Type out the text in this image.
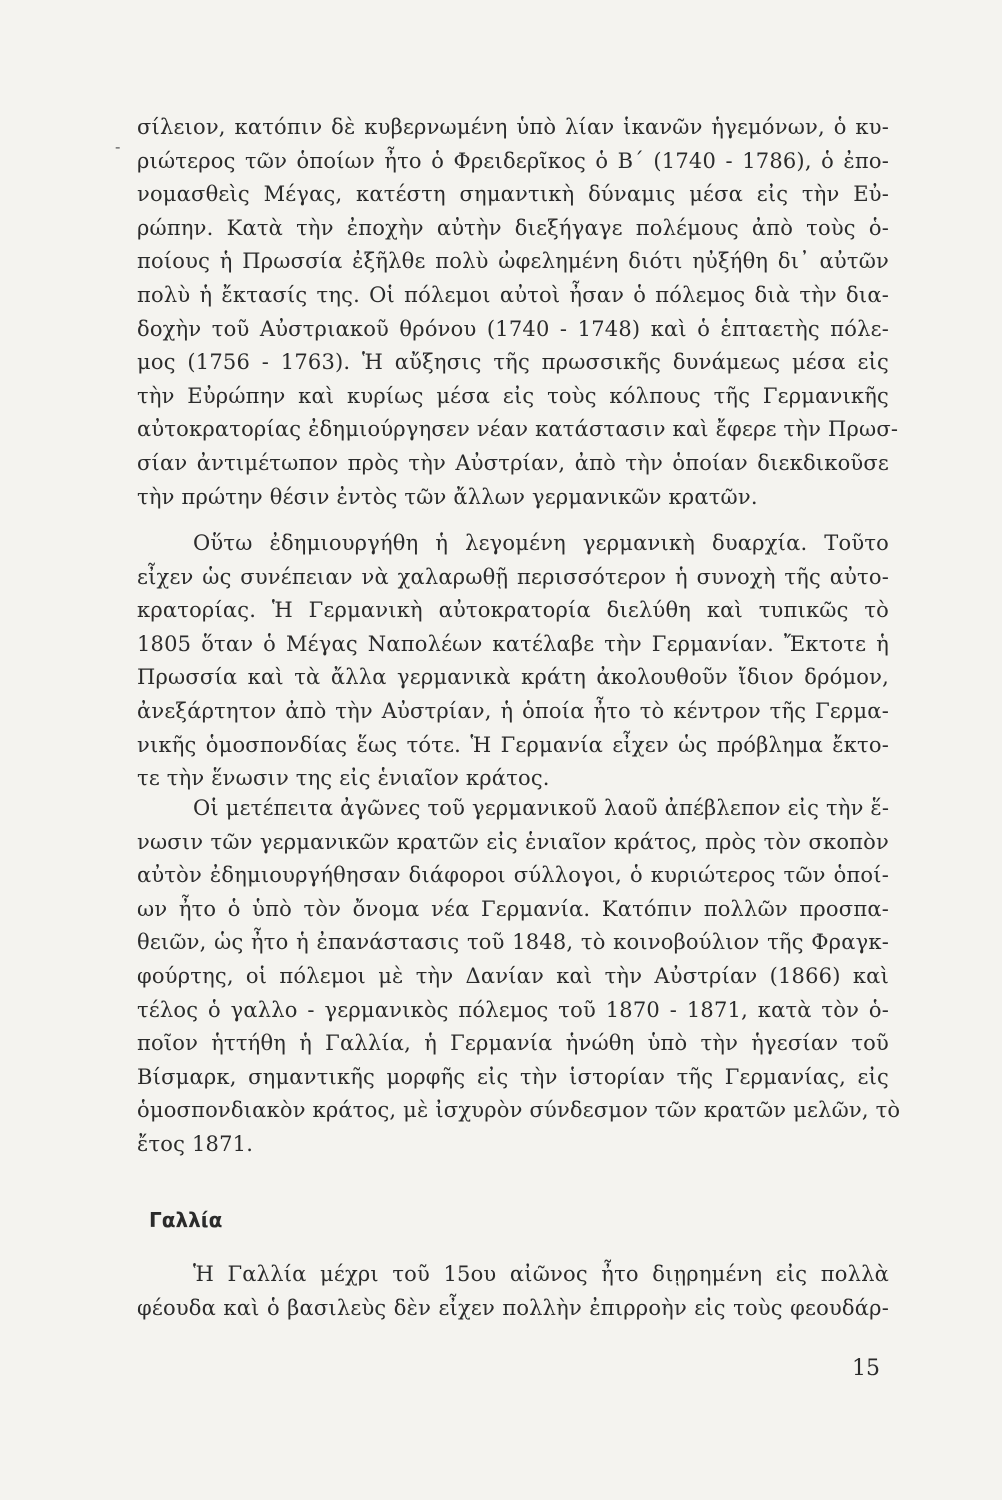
-
σίλειον, κατόπιν δὲ κυβερνωμένη ὑπὸ λίαν ἱκανῶν ἡγεμόνων, ὁ κυ-
ριώτερος τῶν ὁποίων ἦτο ὁ Φρειδερῖκος ὁ Β΄ (1740 - 1786), ὁ ἐπο-
νομασθεὶς Μέγας, κατέστη σημαντικὴ δύναμις μέσα εἰς τὴν Εὐ-
ρώπην. Κατὰ τὴν ἐποχὴν αὐτὴν διεξήγαγε πολέμους ἀπὸ τοὺς ὁ-
ποίους ἡ Πρωσσία ἐξῆλθε πολὺ ὠφελημένη διότι ηὐξήθη δι᾽ αὐτῶν
πολὺ ἡ ἔκτασίς της. Οἱ πόλεμοι αὐτοὶ ἦσαν ὁ πόλεμος διὰ τὴν δια-
δοχὴν τοῦ Αὐστριακοῦ θρόνου (1740 - 1748) καὶ ὁ ἑπταετὴς πόλε-
μος (1756 - 1763). Ἡ αὔξησις τῆς πρωσσικῆς δυνάμεως μέσα εἰς
τὴν Εὐρώπην καὶ κυρίως μέσα εἰς τοὺς κόλπους τῆς Γερμανικῆς
αὐτοκρατορίας ἐδημιούργησεν νέαν κατάστασιν καὶ ἔφερε τὴν Πρωσ-
σίαν ἀντιμέτωπον πρὸς τὴν Αὐστρίαν, ἀπὸ τὴν ὁποίαν διεκδικοῦσε
τὴν πρώτην θέσιν ἐντὸς τῶν ἄλλων γερμανικῶν κρατῶν.
Οὕτω ἐδημιουργήθη ἡ λεγομένη γερμανικὴ δυαρχία. Τοῦτο
εἶχεν ὡς συνέπειαν νὰ χαλαρωθῇ περισσότερον ἡ συνοχὴ τῆς αὐτο-
κρατορίας. Ἡ Γερμανικὴ αὐτοκρατορία διελύθη καὶ τυπικῶς τὸ
1805 ὅταν ὁ Μέγας Ναπολέων κατέλαβε τὴν Γερμανίαν. Ἔκτοτε ἡ
Πρωσσία καὶ τὰ ἄλλα γερμανικὰ κράτη ἀκολουθοῦν ἴδιον δρόμον,
ἀνεξάρτητον ἀπὸ τὴν Αὐστρίαν, ἡ ὁποία ἦτο τὸ κέντρον τῆς Γερμα-
νικῆς ὁμοσπονδίας ἕως τότε. Ἡ Γερμανία εἶχεν ὡς πρόβλημα ἔκτο-
τε τὴν ἕνωσιν της εἰς ἑνιαῖον κράτος.
Οἱ μετέπειτα ἀγῶνες τοῦ γερμανικοῦ λαοῦ ἀπέβλεπον εἰς τὴν ἕ-
νωσιν τῶν γερμανικῶν κρατῶν εἰς ἑνιαῖον κράτος, πρὸς τὸν σκοπὸν
αὐτὸν ἐδημιουργήθησαν διάφοροι σύλλογοι, ὁ κυριώτερος τῶν ὁποί-
ων ἦτο ὁ ὑπὸ τὸν ὄνομα νέα Γερμανία. Κατόπιν πολλῶν προσπα-
θειῶν, ὡς ἦτο ἡ ἐπανάστασις τοῦ 1848, τὸ κοινοβούλιον τῆς Φραγκ-
φούρτης, οἱ πόλεμοι μὲ τὴν Δανίαν καὶ τὴν Αὐστρίαν (1866) καὶ
τέλος ὁ γαλλο - γερμανικὸς πόλεμος τοῦ 1870 - 1871, κατὰ τὸν ὁ-
ποῖον ἡττήθη ἡ Γαλλία, ἡ Γερμανία ἡνώθη ὑπὸ τὴν ἡγεσίαν τοῦ
Βίσμαρκ, σημαντικῆς μορφῆς εἰς τὴν ἱστορίαν τῆς Γερμανίας, εἰς
ὁμοσπονδιακὸν κράτος, μὲ ἰσχυρὸν σύνδεσμον τῶν κρατῶν μελῶν, τὸ
ἔτος 1871.
Γαλλία
Ἡ Γαλλία μέχρι τοῦ 15ου αἰῶνος ἦτο διῃρημένη εἰς πολλὰ
φέουδα καὶ ὁ βασιλεὺς δὲν εἶχεν πολλὴν ἐπιρροὴν εἰς τοὺς φεουδάρ-
15
